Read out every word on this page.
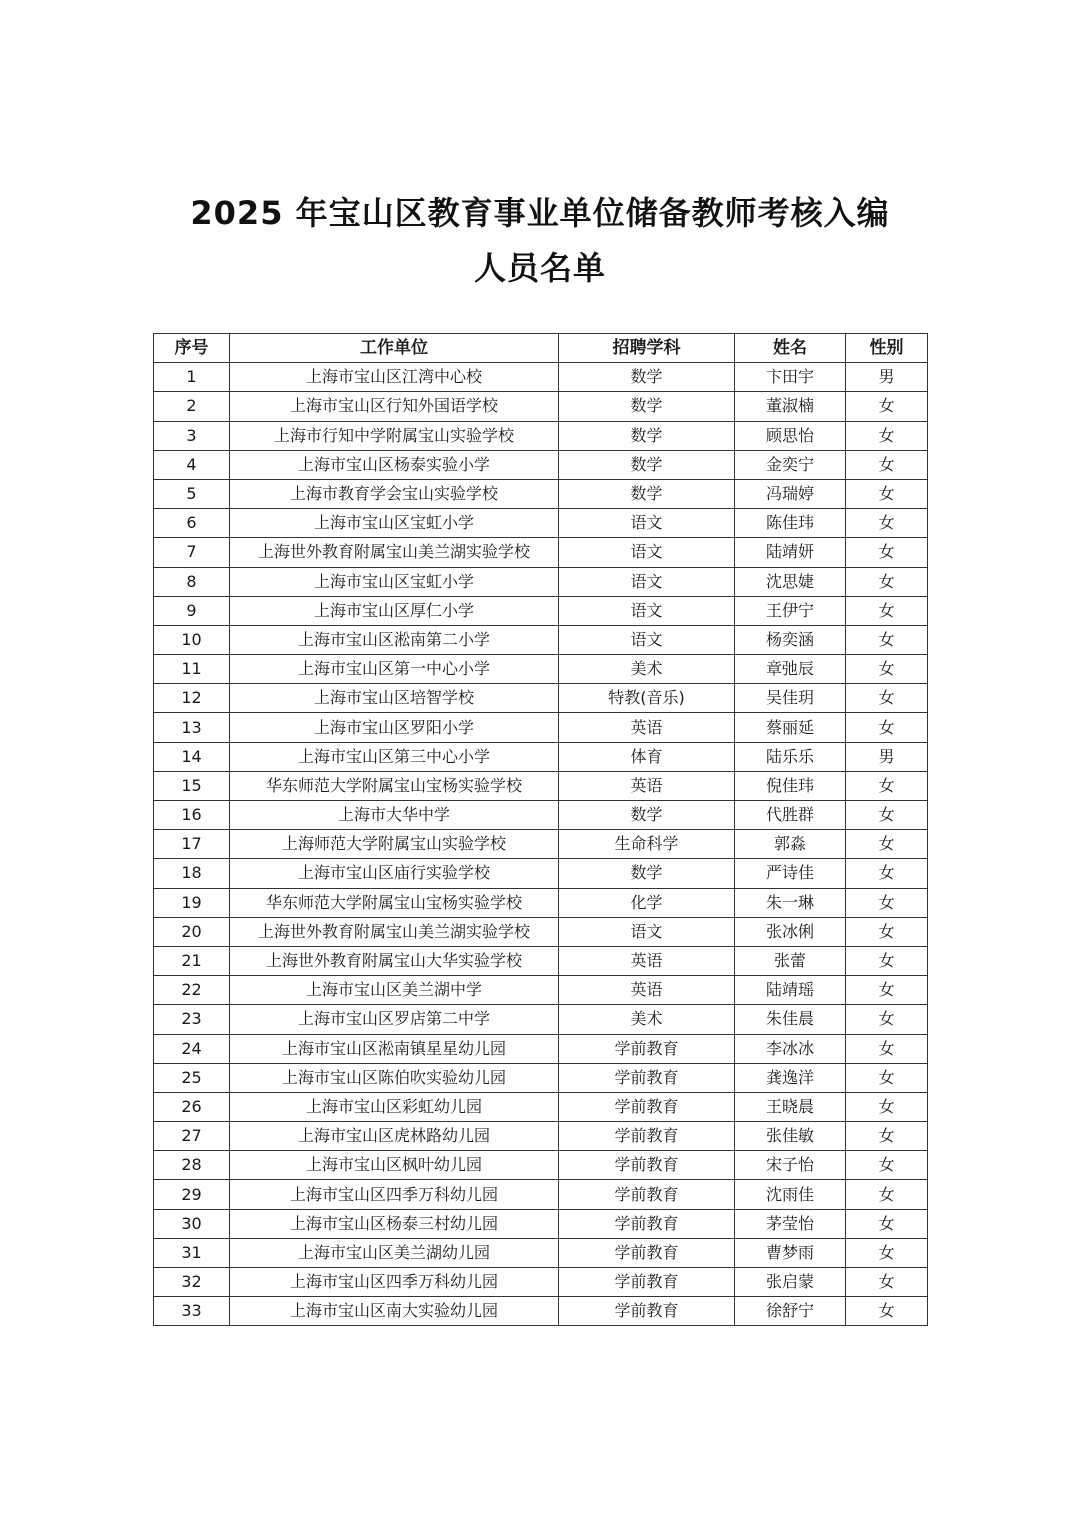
2025 年宝山区教育事业单位储备教师考核入编
人员名单
序号	工作单位	招聘学科	姓名	性别
1	上海市宝山区江湾中心校	数学	卞田宇	男
2	上海市宝山区行知外国语学校	数学	董淑楠	女
3	上海市行知中学附属宝山实验学校	数学	顾思怡	女
4	上海市宝山区杨泰实验小学	数学	金奕宁	女
5	上海市教育学会宝山实验学校	数学	冯瑞婷	女
6	上海市宝山区宝虹小学	语文	陈佳玮	女
7	上海世外教育附属宝山美兰湖实验学校	语文	陆靖妍	女
8	上海市宝山区宝虹小学	语文	沈思婕	女
9	上海市宝山区厚仁小学	语文	王伊宁	女
10	上海市宝山区淞南第二小学	语文	杨奕涵	女
11	上海市宝山区第一中心小学	美术	章弛辰	女
12	上海市宝山区培智学校	特教(音乐)	吴佳玥	女
13	上海市宝山区罗阳小学	英语	蔡丽延	女
14	上海市宝山区第三中心小学	体育	陆乐乐	男
15	华东师范大学附属宝山宝杨实验学校	英语	倪佳玮	女
16	上海市大华中学	数学	代胜群	女
17	上海师范大学附属宝山实验学校	生命科学	郭淼	女
18	上海市宝山区庙行实验学校	数学	严诗佳	女
19	华东师范大学附属宝山宝杨实验学校	化学	朱一琳	女
20	上海世外教育附属宝山美兰湖实验学校	语文	张冰俐	女
21	上海世外教育附属宝山大华实验学校	英语	张蕾	女
22	上海市宝山区美兰湖中学	英语	陆靖瑶	女
23	上海市宝山区罗店第二中学	美术	朱佳晨	女
24	上海市宝山区淞南镇星星幼儿园	学前教育	李冰冰	女
25	上海市宝山区陈伯吹实验幼儿园	学前教育	龚逸洋	女
26	上海市宝山区彩虹幼儿园	学前教育	王晓晨	女
27	上海市宝山区虎林路幼儿园	学前教育	张佳敏	女
28	上海市宝山区枫叶幼儿园	学前教育	宋子怡	女
29	上海市宝山区四季万科幼儿园	学前教育	沈雨佳	女
30	上海市宝山区杨泰三村幼儿园	学前教育	茅莹怡	女
31	上海市宝山区美兰湖幼儿园	学前教育	曹梦雨	女
32	上海市宝山区四季万科幼儿园	学前教育	张启蒙	女
33	上海市宝山区南大实验幼儿园	学前教育	徐舒宁	女
